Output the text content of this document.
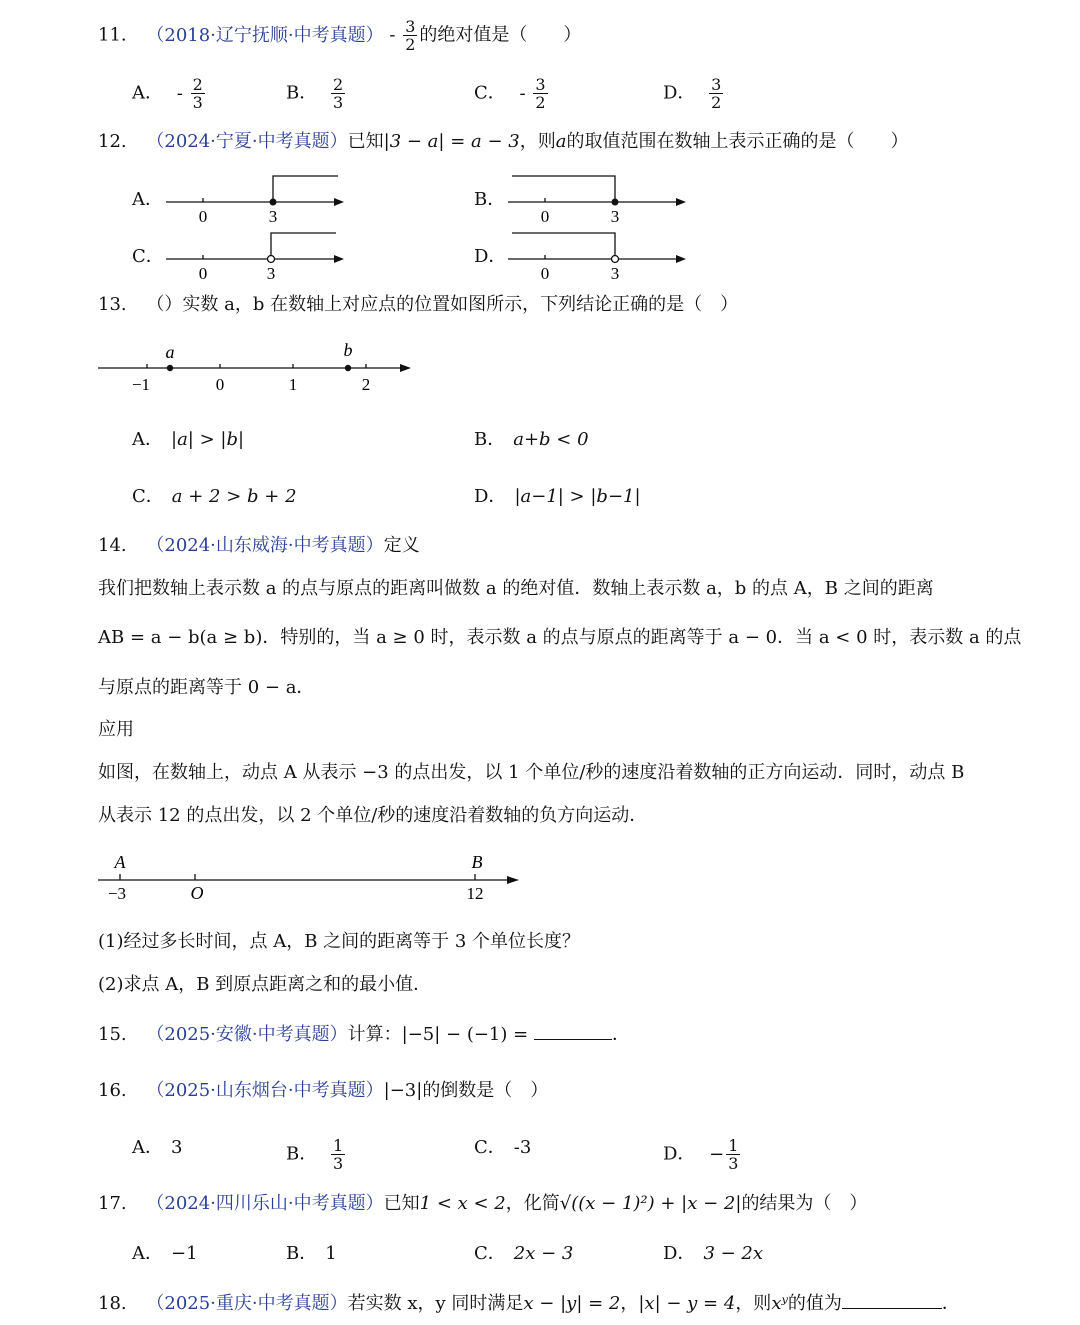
11. （2018·辽宁抚顺·中考真题） - $\frac{3}{2}$ 的绝对值是（　　）
A． - $\frac{2}{3}$	B． $\frac{2}{3}$	C． - $\frac{3}{2}$	D． $\frac{3}{2}$
12. （2024·宁夏·中考真题）已知|3 − a| = a − 3，则a的取值范围在数轴上表示正确的是（　　）
A．	B．
C．	D．
0	3	0	3
0	3	0	3
13. （）实数 a，b 在数轴上对应点的位置如图所示，下列结论正确的是（　）
a	b
−1	0	1	2
A． |a| > |b|	B． a+b < 0
C． a + 2 > b + 2	D． |a−1| > |b−1|
14. （2024·山东威海·中考真题）定义
我们把数轴上表示数 a 的点与原点的距离叫做数 a 的绝对值．数轴上表示数 a，b 的点 A，B 之间的距离
AB = a − b(a ≥ b)．特别的，当 a ≥ 0 时，表示数 a 的点与原点的距离等于 a − 0．当 a < 0 时，表示数 a 的点
与原点的距离等于 0 − a．
应用
如图，在数轴上，动点 A 从表示 −3 的点出发，以 1 个单位/秒的速度沿着数轴的正方向运动．同时，动点 B
从表示 12 的点出发，以 2 个单位/秒的速度沿着数轴的负方向运动．
A	B
−3	O	12
(1)经过多长时间，点 A，B 之间的距离等于 3 个单位长度？
(2)求点 A，B 到原点距离之和的最小值．
15. （2025·安徽·中考真题）计算：|−5| − (−1) =	．
16. （2025·山东烟台·中考真题）|−3|的倒数是（　）
A． 3	B． $\frac{1}{3}$	C． -3	D． − $\frac{1}{3}$
17. （2024·四川乐山·中考真题）已知1 < x < 2，化简√((x − 1)²) + |x − 2|的结果为（　）
A． −1	B． 1	C． 2x − 3	D． 3 − 2x
18. （2025·重庆·中考真题）若实数 x，y 同时满足x − |y| = 2，|x| − y = 4，则xʸ的值为	．
